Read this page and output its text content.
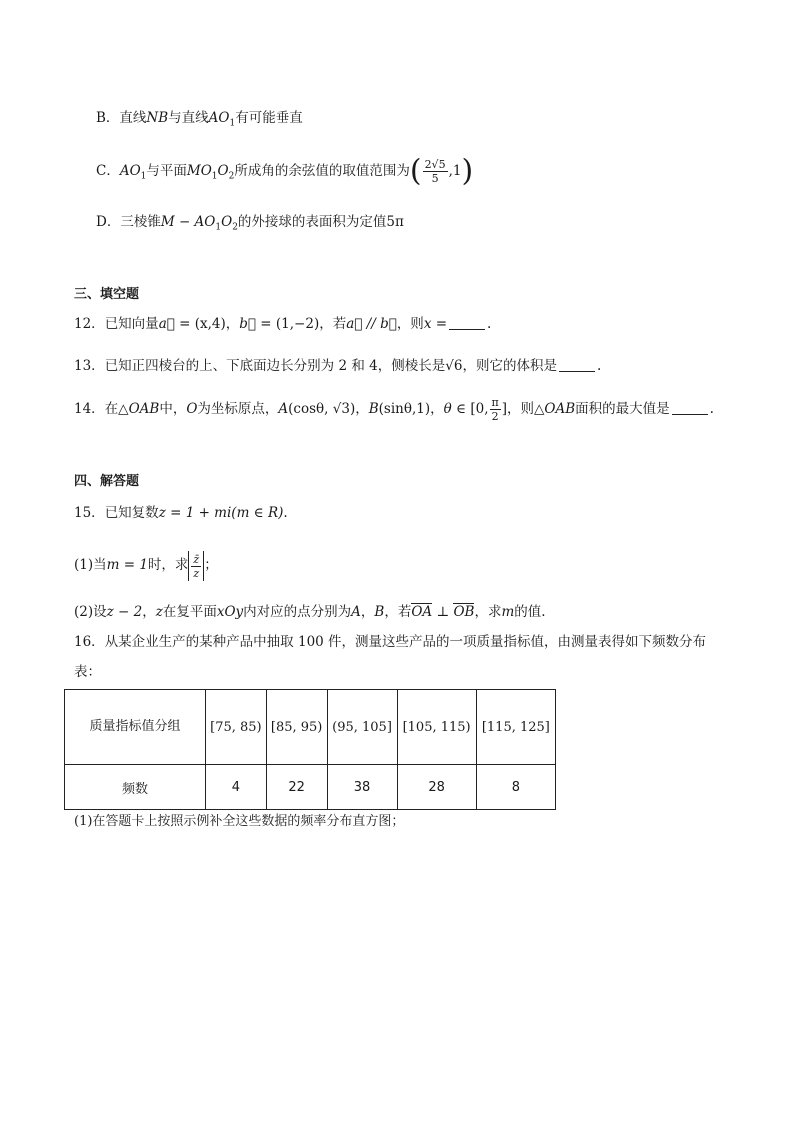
B．直线NB与直线$AO_1$有可能垂直
C．$AO_1$与平面$MO_1O_2$所成角的余弦值的取值范围为( $\frac{2√5}{5} ,1$)
D．三棱锥$M - AO_1O_2$的外接球的表面积为定值5π
三、填空题
12．已知向量a⃗ = (x,4)，b⃗ = (1,−2)，若a⃗ // b⃗，则x =	.
13．已知正四棱台的上、下底面边长分别为 2 和 4，侧棱长是√6，则它的体积是	.
14．在△OAB中，O为坐标原点，A(cosθ, √3)，B(sinθ,1)，θ ∈ [0, $\frac{\pi}{2}$ ]，则△OAB面积的最大值是	.
四、解答题
15．已知复数z = 1 + mi(m ∈ R).
(1)当m = 1时，求 $\frac{z̄}{z}$ ；
(2)设z − 2，z在复平面xOy内对应的点分别为A，B，若OA ⊥ OB，求m的值.
16．从某企业生产的某种产品中抽取 100 件，测量这些产品的一项质量指标值，由测量表得如下频数分布
表：
质量指标值分组	[75, 85)	[85, 95)	(95, 105]	[105, 115)	[115, 125]
频数	4	22	38	28	8
(1)在答题卡上按照示例补全这些数据的频率分布直方图；
